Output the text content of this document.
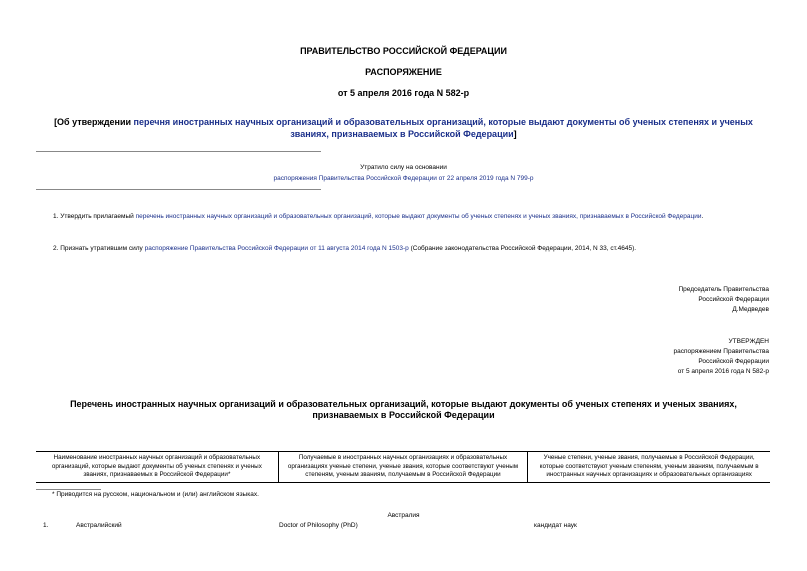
ПРАВИТЕЛЬСТВО РОССИЙСКОЙ ФЕДЕРАЦИИ
РАСПОРЯЖЕНИЕ
от 5 апреля 2016 года N 582-р
[Об утверждении перечня иностранных научных организаций и образовательных организаций, которые выдают документы об ученых степенях и ученых званиях, признаваемых в Российской Федерации]
Утратило силу на основании
распоряжения Правительства Российской Федерации от 22 апреля 2019 года N 799-р
1. Утвердить прилагаемый перечень иностранных научных организаций и образовательных организаций, которые выдают документы об ученых степенях и ученых званиях, признаваемых в Российской Федерации.
2. Признать утратившим силу распоряжение Правительства Российской Федерации от 11 августа 2014 года N 1503-р (Собрание законодательства Российской Федерации, 2014, N 33, ст.4645).
Председатель Правительства
Российской Федерации
Д.Медведев
УТВЕРЖДЕН
распоряжением Правительства
Российской Федерации
от 5 апреля 2016 года N 582-р
Перечень иностранных научных организаций и образовательных организаций, которые выдают документы об ученых степенях и ученых званиях, признаваемых в Российской Федерации
Наименование иностранных научных организаций и образовательных организаций, которые выдают документы об ученых степенях и ученых званиях, признаваемых в Российской Федерации*	Получаемые в иностранных научных организациях и образовательных организациях ученые степени, ученые звания, которые соответствуют ученым степеням, ученым званиям, получаемым в Российской Федерации	Ученые степени, ученые звания, получаемые в Российской Федерации, которые соответствуют ученым степеням, ученым званиям, получаемым в иностранных научных организациях и образовательных организациях
* Приводится на русском, национальном и (или) английском языках.
Австралия
1.	Австралийский	Doctor of Philosophy (PhD)	кандидат наук
